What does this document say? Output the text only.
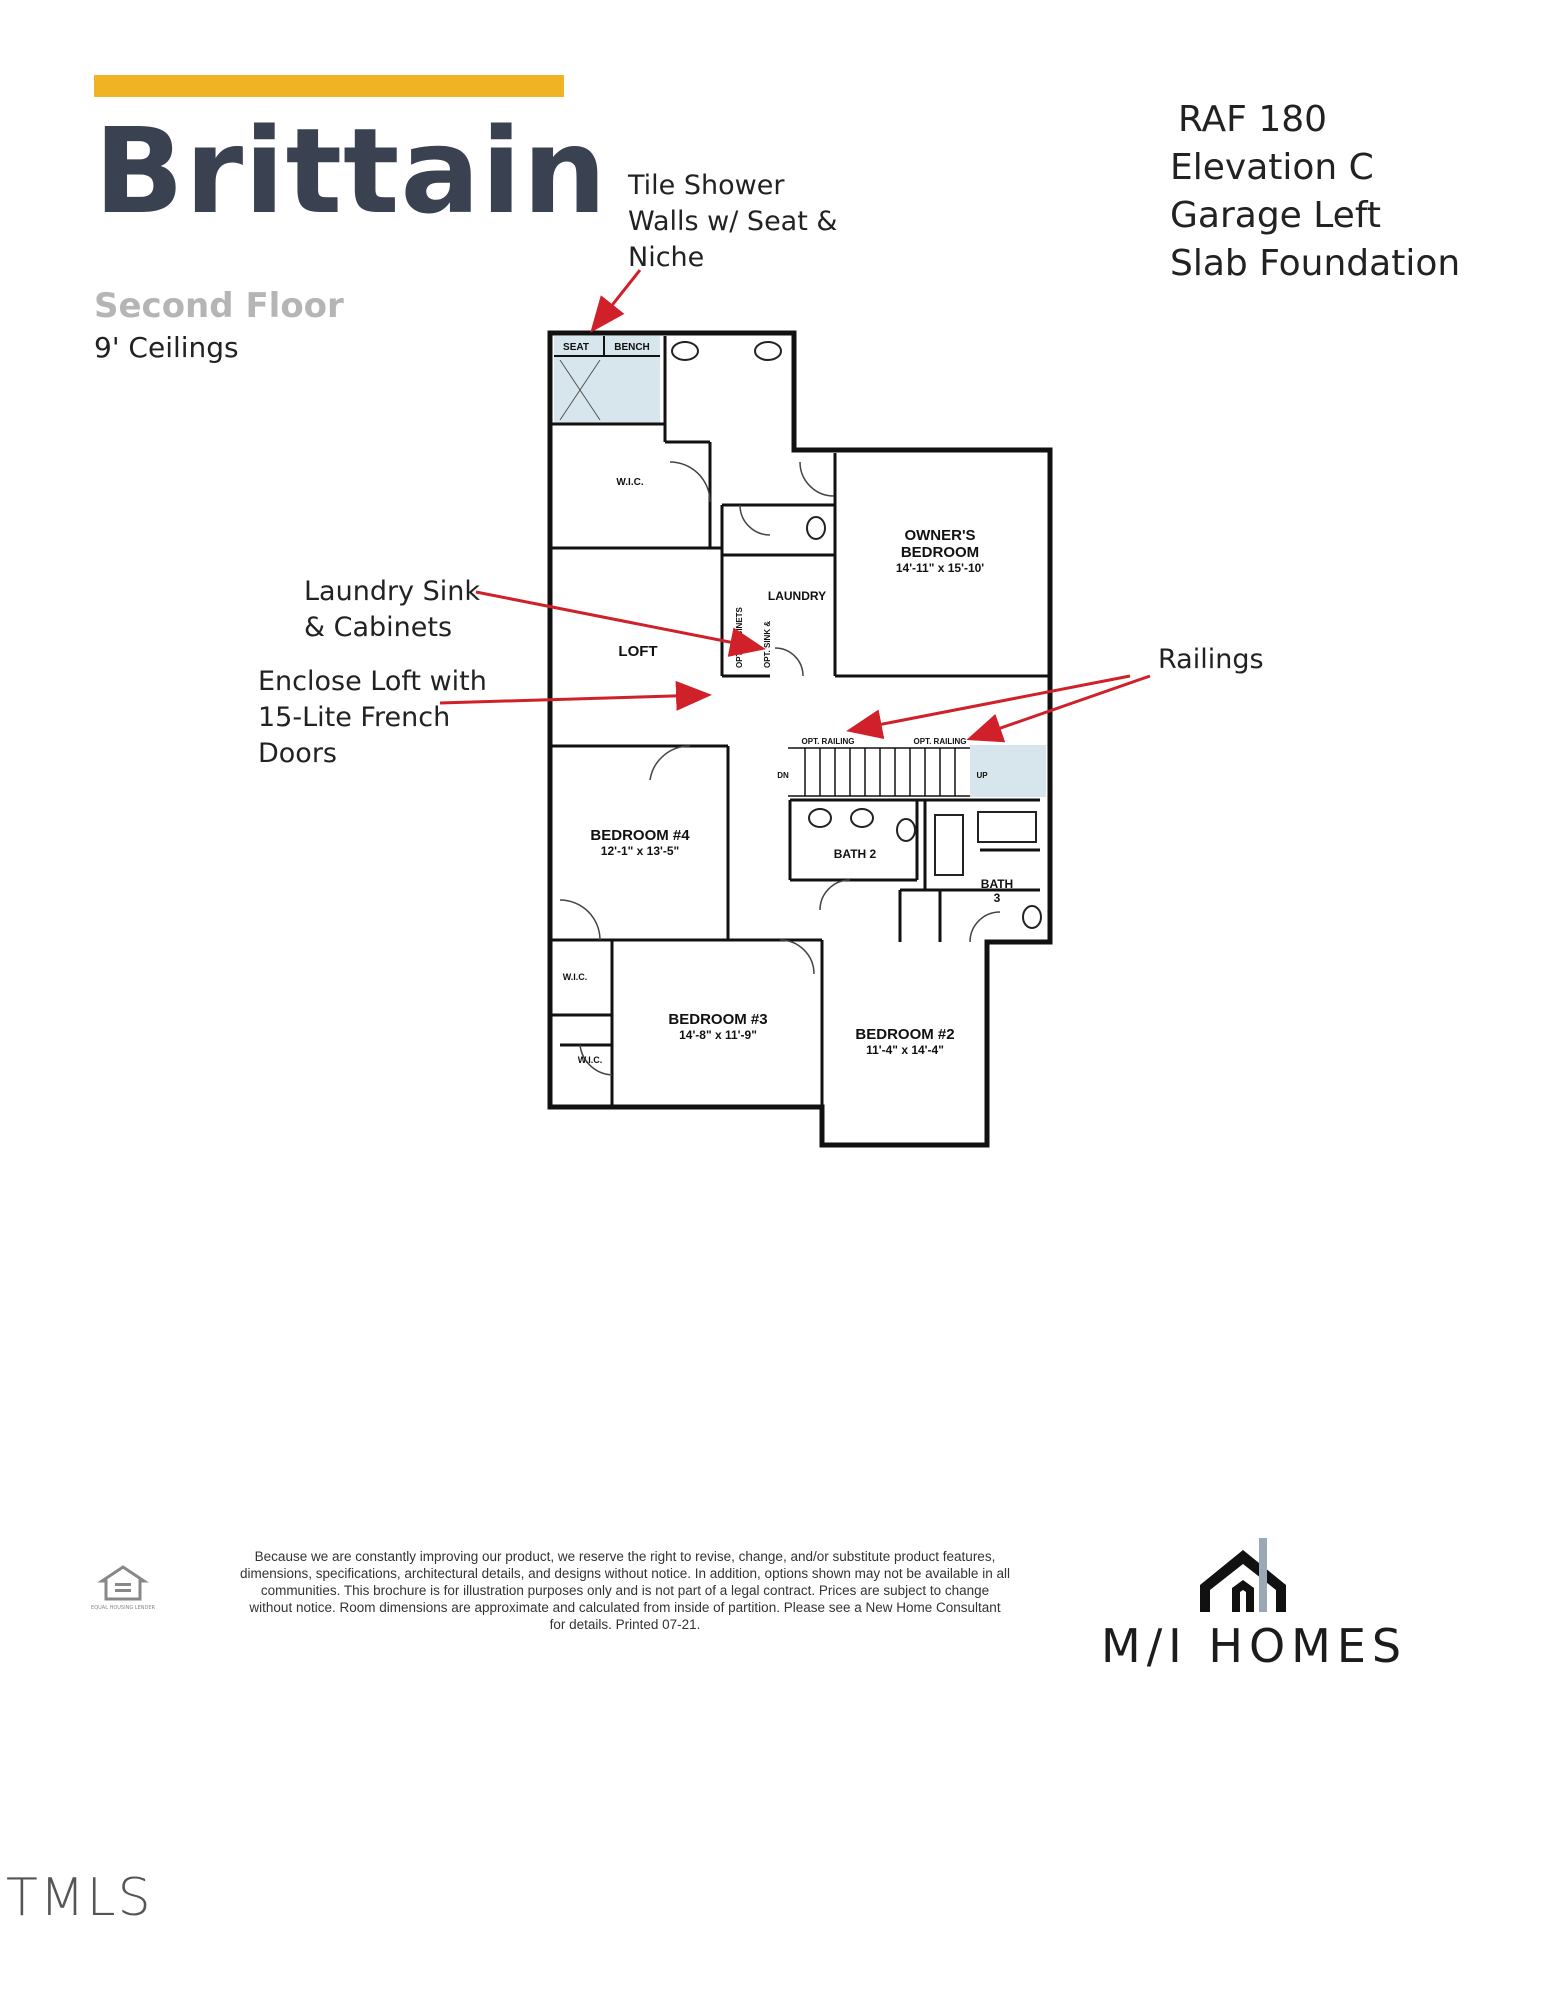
Brittain
Second Floor
9' Ceilings
RAF 180
Elevation C
Garage Left
Slab Foundation
Tile Shower
Walls w/ Seat &
Niche
Laundry Sink
& Cabinets
Enclose Loft with
15-Lite French
Doors
Railings
SEAT	BENCH
W.I.C.
OWNER'S
BEDROOM
14'-11" x 15'-10'
LAUNDRY
OPT. CABINETS OPT. SINK &
LOFT
OPT. RAILING	OPT. RAILING
DN	UP
BEDROOM #4
12'-1" x 13'-5"	BATH 2
BATH
3
W.I.C.
W.I.C.
BEDROOM #3
14'-8" x 11'-9"	BEDROOM #2
11'-4" x 14'-4"
EQUAL HOUSING LENDER
Because we are constantly improving our product, we reserve the right to revise, change, and/or substitute product features, dimensions, specifications, architectural details, and designs without notice. In addition, options shown may not be available in all communities. This brochure is for illustration purposes only and is not part of a legal contract. Prices are subject to change without notice. Room dimensions are approximate and calculated from inside of partition. Please see a New Home Consultant for details. Printed 07-21.	M/I HOMES
TMLS
